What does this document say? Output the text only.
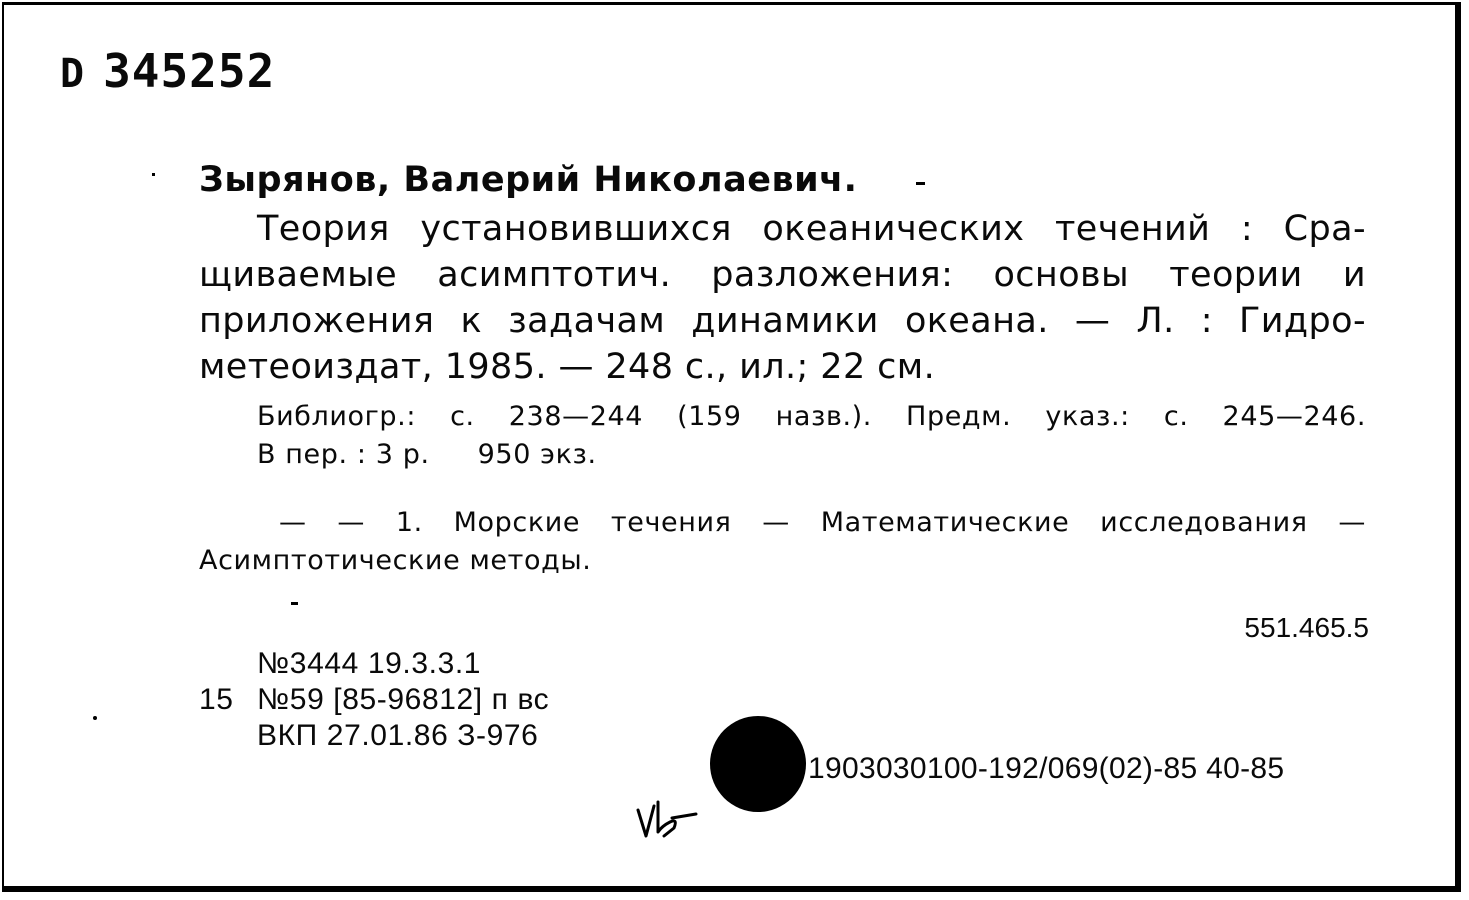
D 345252
Зырянов, Валерий Николаевич.
Теория установившихся океанических течений : Сра-
щиваемые асимптотич. разложения: основы теории и
приложения к задачам динамики океана. — Л. : Гидро-
метеоиздат, 1985. — 248 с., ил.; 22 см.
Библиогр.: с. 238—244 (159 назв.). Предм. указ.: с. 245—246.
В пер. : 3 р. 950 экз.
— — 1. Морские течения — Математические исследования —
Асимптотические методы.
551.465.5
№3444 19.3.3.1
15 №59 [85-96812] п вс
ВКП 27.01.86 З-976
1903030100-192/069(02)-85 40-85
